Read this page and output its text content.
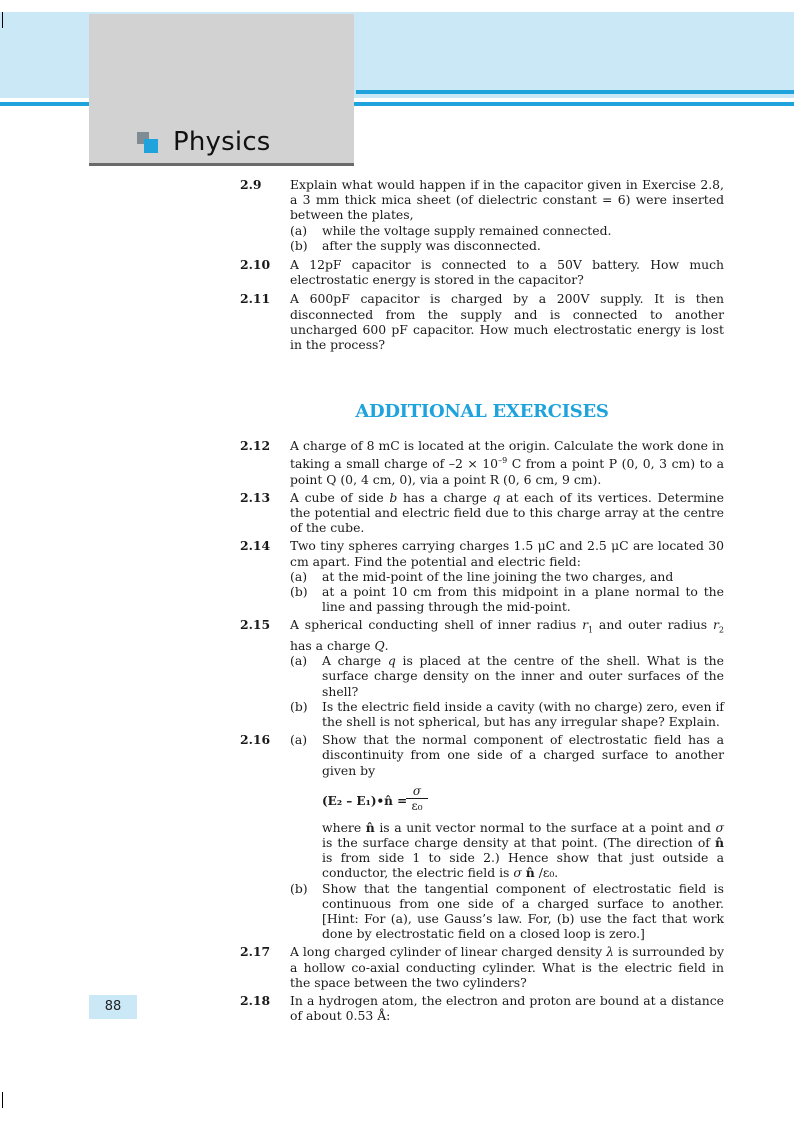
Physics
2.9 Explain what would happen if in the capacitor given in Exercise 2.8, a 3 mm thick mica sheet (of dielectric constant = 6) were inserted between the plates,
(a) while the voltage supply remained connected.
(b) after the supply was disconnected.
2.10 A 12pF capacitor is connected to a 50V battery. How much electrostatic energy is stored in the capacitor?
2.11 A 600pF capacitor is charged by a 200V supply. It is then disconnected from the supply and is connected to another uncharged 600 pF capacitor. How much electrostatic energy is lost in the process?
ADDITIONAL EXERCISES
2.12 A charge of 8 mC is located at the origin. Calculate the work done in taking a small charge of $-2 \times 10^{-9}$ C from a point P (0, 0, 3 cm) to a point Q (0, 4 cm, 0), via a point R (0, 6 cm, 9 cm).
2.13 A cube of side b has a charge q at each of its vertices. Determine the potential and electric field due to this charge array at the centre of the cube.
2.14 Two tiny spheres carrying charges 1.5 μC and 2.5 μC are located 30 cm apart. Find the potential and electric field:
(a) at the mid-point of the line joining the two charges, and
(b) at a point 10 cm from this midpoint in a plane normal to the line and passing through the mid-point.
2.15 A spherical conducting shell of inner radius $r_1$ and outer radius $r_2$ has a charge Q.
(a) A charge q is placed at the centre of the shell. What is the surface charge density on the inner and outer surfaces of the shell?
(b) Is the electric field inside a cavity (with no charge) zero, even if the shell is not spherical, but has any irregular shape? Explain.
2.16 (a) Show that the normal component of electrostatic field has a discontinuity from one side of a charged surface to another given by
(E₂ – E₁)•n̂ =
σ
ε₀
where n̂ is a unit vector normal to the surface at a point and σ is the surface charge density at that point. (The direction of n̂ is from side 1 to side 2.) Hence show that just outside a conductor, the electric field is σ n̂ /ε₀.
(b) Show that the tangential component of electrostatic field is continuous from one side of a charged surface to another. [Hint: For (a), use Gauss’s law. For, (b) use the fact that work done by electrostatic field on a closed loop is zero.]
2.17 A long charged cylinder of linear charged density λ is surrounded by a hollow co-axial conducting cylinder. What is the electric field in the space between the two cylinders?
2.18 In a hydrogen atom, the electron and proton are bound at a distance of about 0.53 Å:
88
